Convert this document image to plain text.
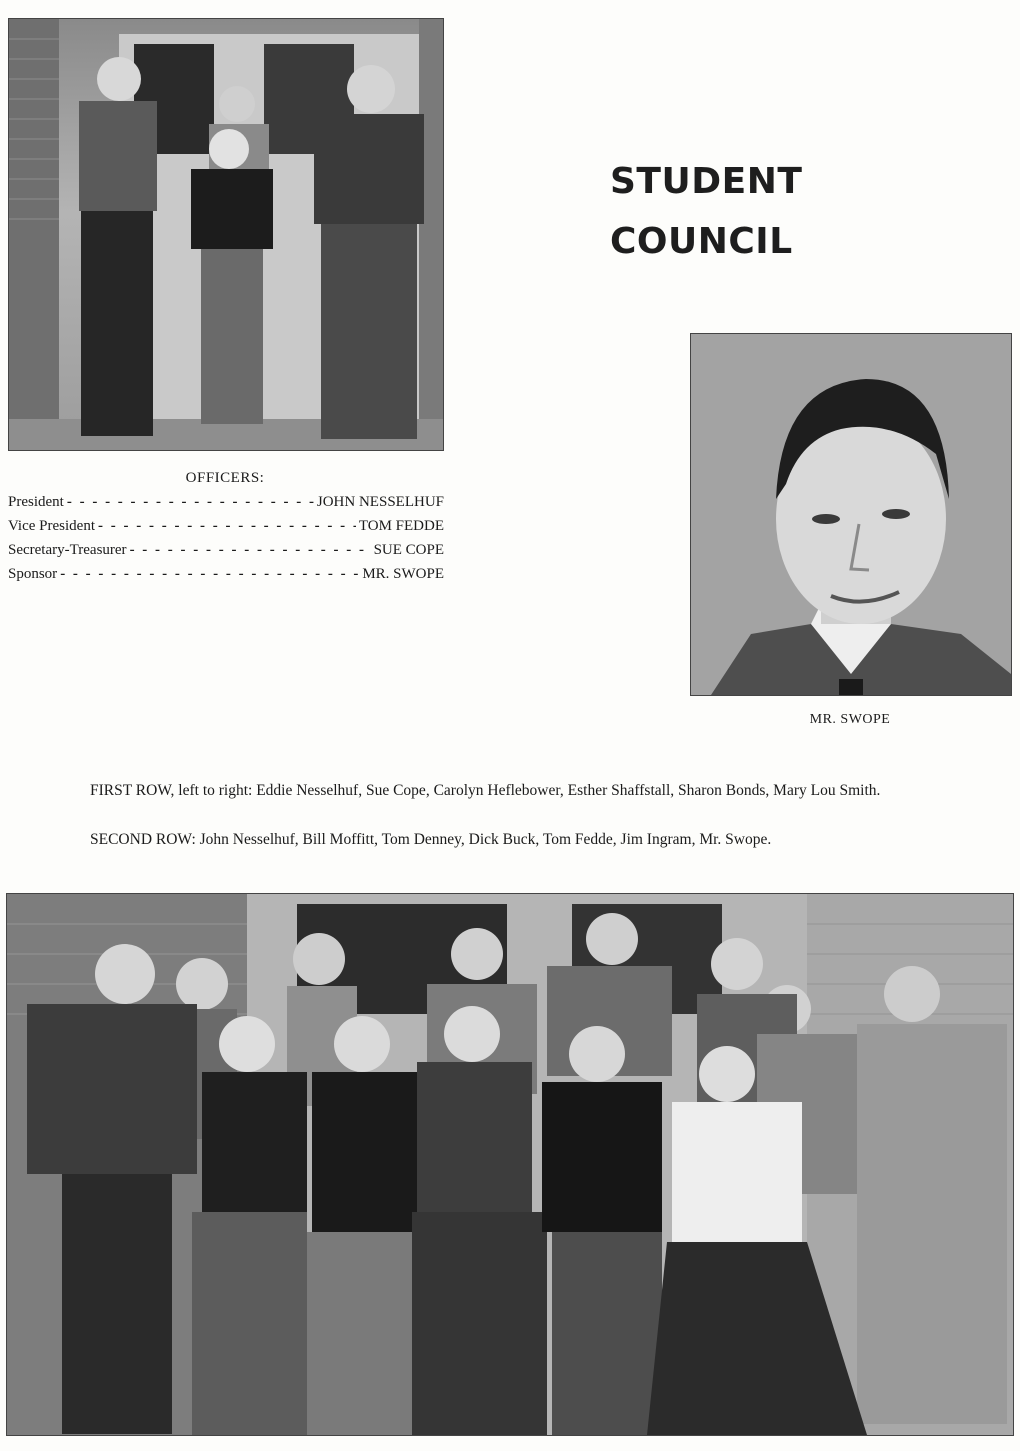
STUDENT
COUNCIL
OFFICERS:
President - - -	JOHN NESSELHUF
Vice President - - -	TOM FEDDE
Secretary-Treasurer - - -	SUE COPE
Sponsor - - -	MR. SWOPE
MR. SWOPE

FIRST ROW, left to right: Eddie Nesselhuf, Sue Cope, Carolyn Heflebower, Esther Shaffstall, Sharon Bonds, Mary Lou Smith.

SECOND ROW: John Nesselhuf, Bill Moffitt, Tom Denney, Dick Buck, Tom Fedde, Jim Ingram, Mr. Swope.
